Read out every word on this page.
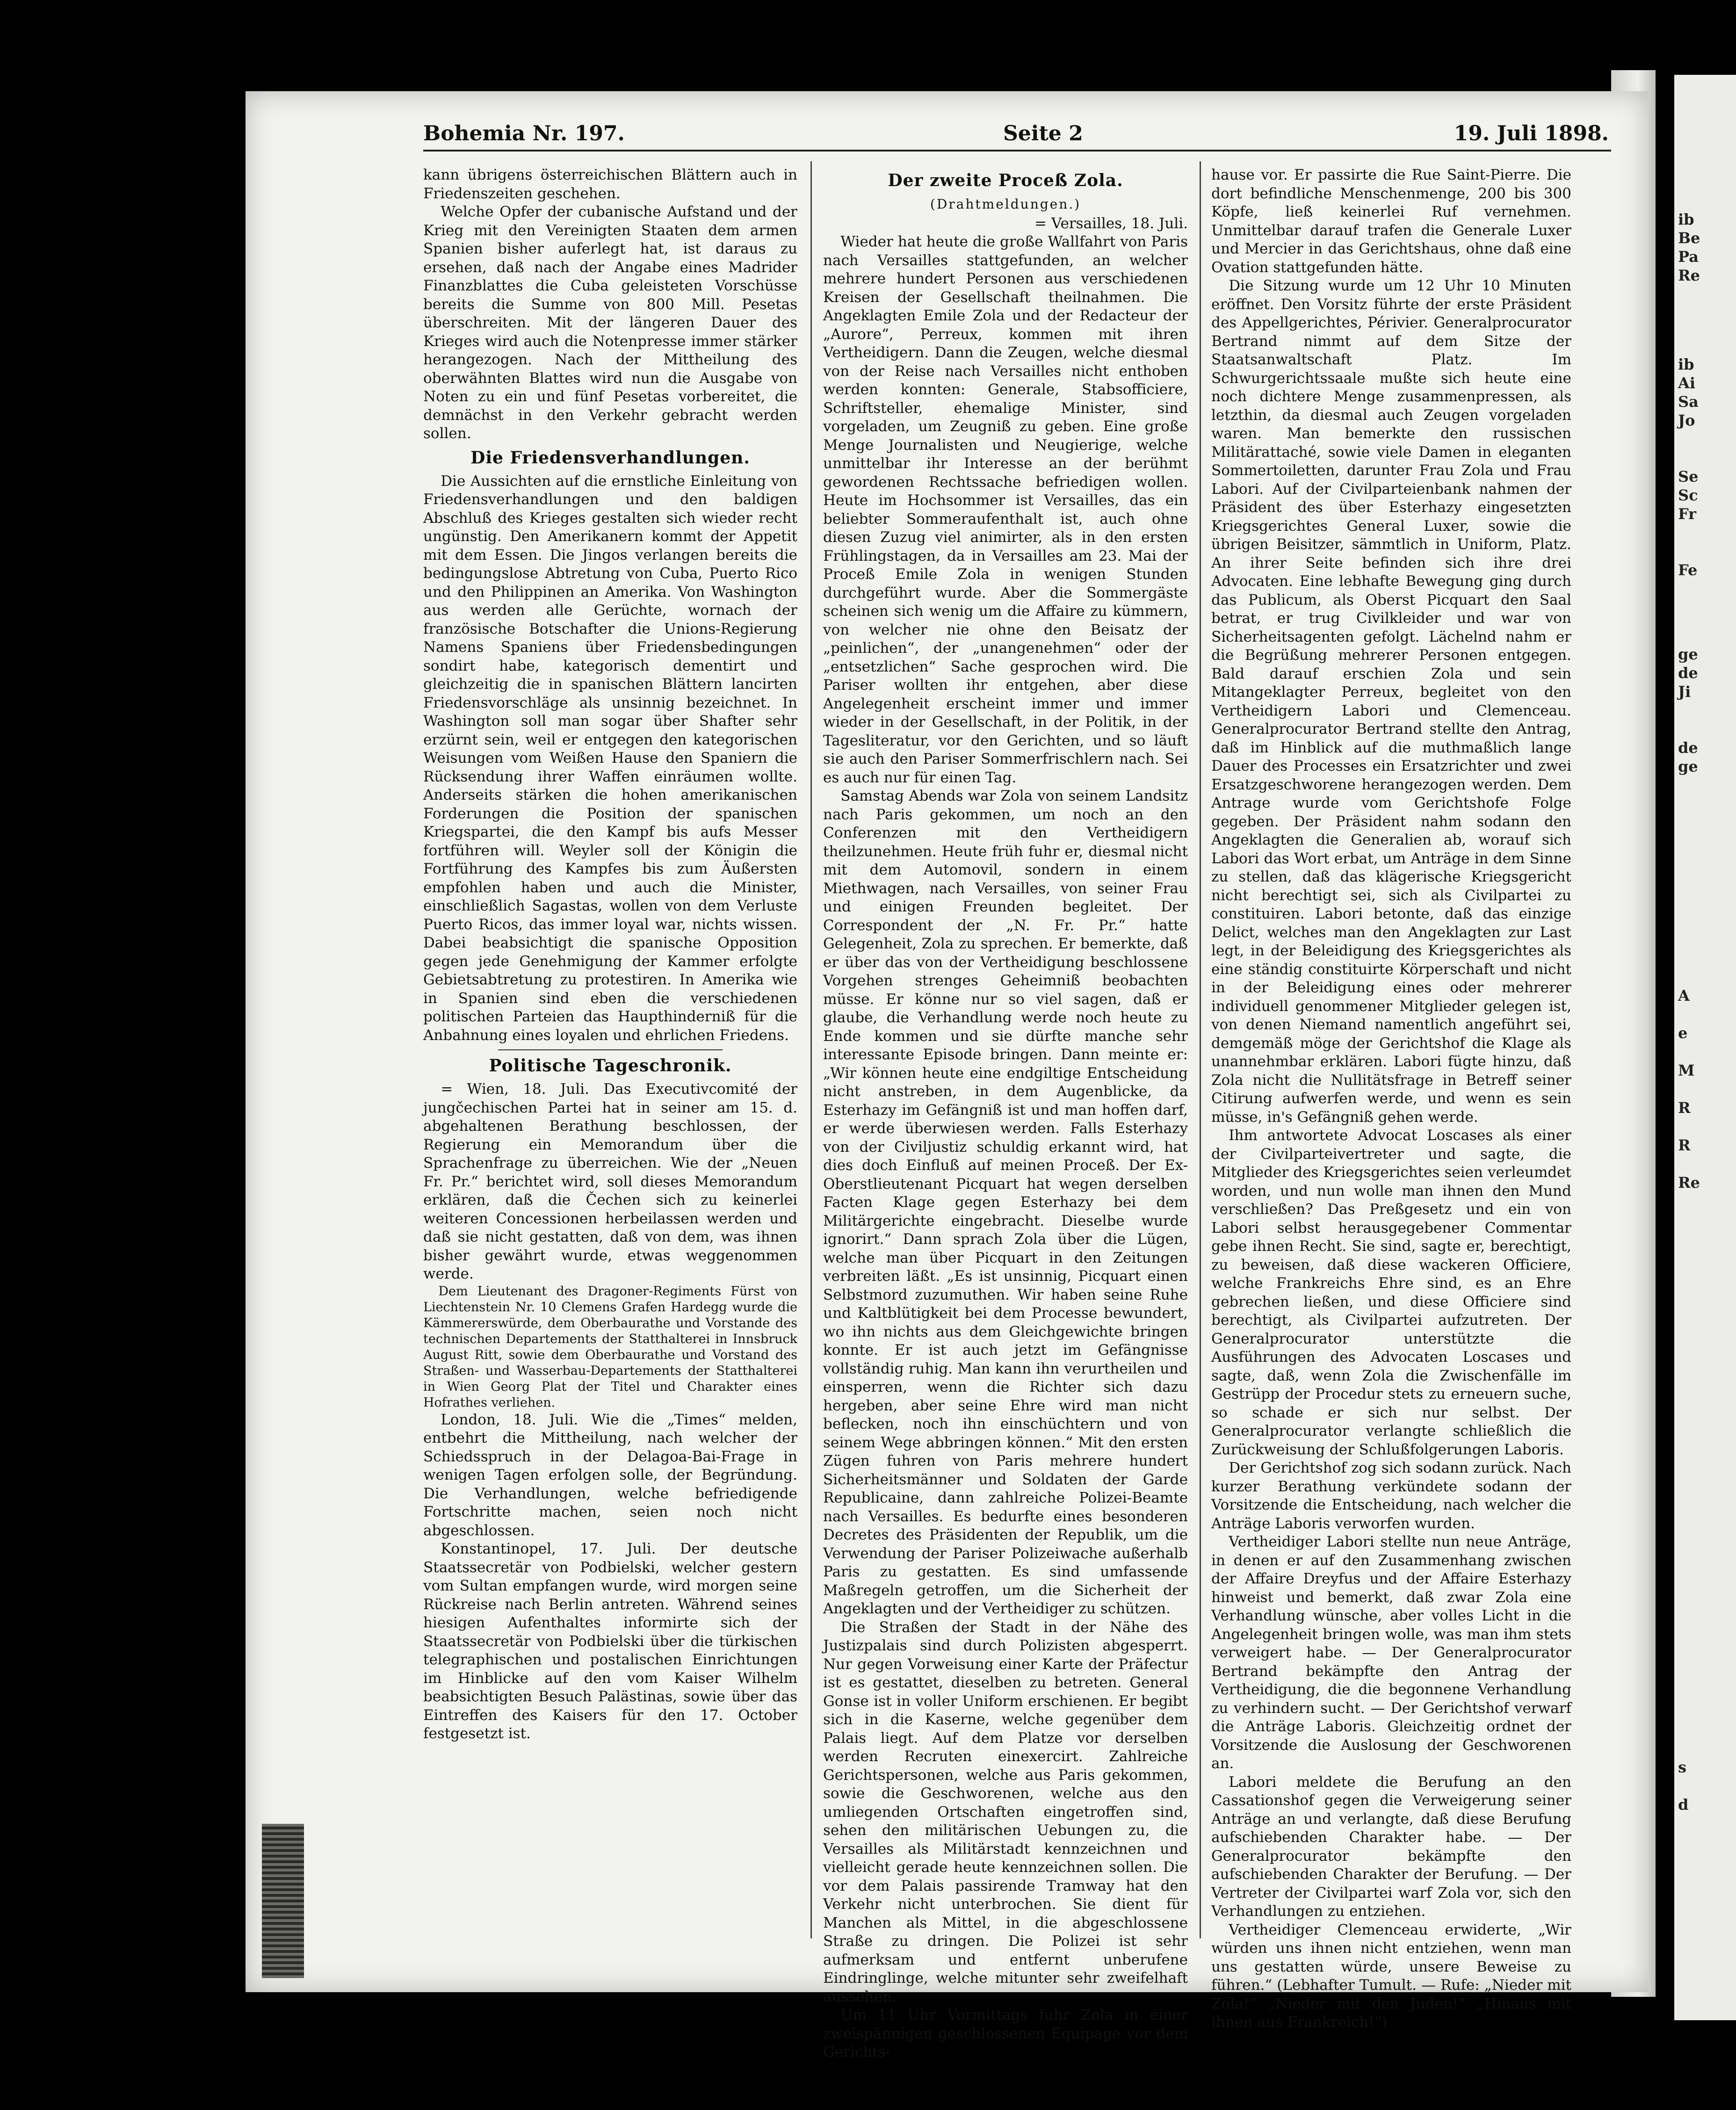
ib
Be
Pa
Re
ib
Ai
Sa
Jo
Se
Sc
Fr
Fe
ge
de
Ji
de
ge
A
e
M
R
R
Re
s
d
Bohemia Nr. 197.	Seite 2	19. Juli 1898.

kann übrigens österreichischen Blättern auch in Friedenszeiten geschehen.

Welche Opfer der cubanische Aufstand und der Krieg mit den Vereinigten Staaten dem armen Spanien bisher auferlegt hat, ist daraus zu ersehen, daß nach der Angabe eines Madrider Finanzblattes die Cuba geleisteten Vorschüsse bereits die Summe von 800 Mill. Pesetas überschreiten. Mit der längeren Dauer des Krieges wird auch die Notenpresse immer stärker herangezogen. Nach der Mittheilung des oberwähnten Blattes wird nun die Ausgabe von Noten zu ein und fünf Pesetas vorbereitet, die demnächst in den Verkehr gebracht werden sollen.

Die Friedensverhandlungen.

Die Aussichten auf die ernstliche Einleitung von Friedensverhandlungen und den baldigen Abschluß des Krieges gestalten sich wieder recht ungünstig. Den Amerikanern kommt der Appetit mit dem Essen. Die Jingos verlangen bereits die bedingungslose Abtretung von Cuba, Puerto Rico und den Philippinen an Amerika. Von Washington aus werden alle Gerüchte, wornach der französische Botschafter die Unions-Regierung Namens Spaniens über Friedensbedingungen sondirt habe, kategorisch dementirt und gleichzeitig die in spanischen Blättern lancirten Friedensvorschläge als unsinnig bezeichnet. In Washington soll man sogar über Shafter sehr erzürnt sein, weil er entgegen den kategorischen Weisungen vom Weißen Hause den Spaniern die Rücksendung ihrer Waffen einräumen wollte. Anderseits stärken die hohen amerikanischen Forderungen die Position der spanischen Kriegspartei, die den Kampf bis aufs Messer fortführen will. Weyler soll der Königin die Fortführung des Kampfes bis zum Äußersten empfohlen haben und auch die Minister, einschließlich Sagastas, wollen von dem Verluste Puerto Ricos, das immer loyal war, nichts wissen. Dabei beabsichtigt die spanische Opposition gegen jede Genehmigung der Kammer erfolgte Gebietsabtretung zu protestiren. In Amerika wie in Spanien sind eben die verschiedenen politischen Parteien das Haupthinderniß für die Anbahnung eines loyalen und ehrlichen Friedens.

Politische Tageschronik.

= Wien, 18. Juli. Das Executivcomité der jungčechischen Partei hat in seiner am 15. d. abgehaltenen Berathung beschlossen, der Regierung ein Memorandum über die Sprachenfrage zu überreichen. Wie der „Neuen Fr. Pr.“ berichtet wird, soll dieses Memorandum erklären, daß die Čechen sich zu keinerlei weiteren Concessionen herbeilassen werden und daß sie nicht gestatten, daß von dem, was ihnen bisher gewährt wurde, etwas weggenommen werde.

Dem Lieutenant des Dragoner-Regiments Fürst von Liechtenstein Nr. 10 Clemens Grafen Hardegg wurde die Kämmererswürde, dem Oberbaurathe und Vorstande des technischen Departements der Statthalterei in Innsbruck August Ritt, sowie dem Oberbaurathe und Vorstand des Straßen- und Wasserbau-Departements der Statthalterei in Wien Georg Plat der Titel und Charakter eines Hofrathes verliehen.

London, 18. Juli. Wie die „Times“ melden, entbehrt die Mittheilung, nach welcher der Schiedsspruch in der Delagoa-Bai-Frage in wenigen Tagen erfolgen solle, der Begründung. Die Verhandlungen, welche befriedigende Fortschritte machen, seien noch nicht abgeschlossen.

Konstantinopel, 17. Juli. Der deutsche Staatssecretär von Podbielski, welcher gestern vom Sultan empfangen wurde, wird morgen seine Rückreise nach Berlin antreten. Während seines hiesigen Aufenthaltes informirte sich der Staatssecretär von Podbielski über die türkischen telegraphischen und postalischen Einrichtungen im Hinblicke auf den vom Kaiser Wilhelm beabsichtigten Besuch Palästinas, sowie über das Eintreffen des Kaisers für den 17. October festgesetzt ist.

Der zweite Proceß Zola.
(Drahtmeldungen.)

= Versailles, 18. Juli.

Wieder hat heute die große Wallfahrt von Paris nach Versailles stattgefunden, an welcher mehrere hundert Personen aus verschiedenen Kreisen der Gesellschaft theilnahmen. Die Angeklagten Emile Zola und der Redacteur der „Aurore“, Perreux, kommen mit ihren Vertheidigern. Dann die Zeugen, welche diesmal von der Reise nach Versailles nicht enthoben werden konnten: Generale, Stabsofficiere, Schriftsteller, ehemalige Minister, sind vorgeladen, um Zeugniß zu geben. Eine große Menge Journalisten und Neugierige, welche unmittelbar ihr Interesse an der berühmt gewordenen Rechtssache befriedigen wollen. Heute im Hochsommer ist Versailles, das ein beliebter Sommeraufenthalt ist, auch ohne diesen Zuzug viel animirter, als in den ersten Frühlingstagen, da in Versailles am 23. Mai der Proceß Emile Zola in wenigen Stunden durchgeführt wurde. Aber die Sommergäste scheinen sich wenig um die Affaire zu kümmern, von welcher nie ohne den Beisatz der „peinlichen“, der „unangenehmen“ oder der „entsetzlichen“ Sache gesprochen wird. Die Pariser wollten ihr entgehen, aber diese Angelegenheit erscheint immer und immer wieder in der Gesellschaft, in der Politik, in der Tagesliteratur, vor den Gerichten, und so läuft sie auch den Pariser Sommerfrischlern nach. Sei es auch nur für einen Tag.

Samstag Abends war Zola von seinem Landsitz nach Paris gekommen, um noch an den Conferenzen mit den Vertheidigern theilzunehmen. Heute früh fuhr er, diesmal nicht mit dem Automovil, sondern in einem Miethwagen, nach Versailles, von seiner Frau und einigen Freunden begleitet. Der Correspondent der „N. Fr. Pr.“ hatte Gelegenheit, Zola zu sprechen. Er bemerkte, daß er über das von der Vertheidigung beschlossene Vorgehen strenges Geheimniß beobachten müsse. Er könne nur so viel sagen, daß er glaube, die Verhandlung werde noch heute zu Ende kommen und sie dürfte manche sehr interessante Episode bringen. Dann meinte er: „Wir können heute eine endgiltige Entscheidung nicht anstreben, in dem Augenblicke, da Esterhazy im Gefängniß ist und man hoffen darf, er werde überwiesen werden. Falls Esterhazy von der Civiljustiz schuldig erkannt wird, hat dies doch Einfluß auf meinen Proceß. Der Ex-Oberstlieutenant Picquart hat wegen derselben Facten Klage gegen Esterhazy bei dem Militärgerichte eingebracht. Dieselbe wurde ignorirt.“ Dann sprach Zola über die Lügen, welche man über Picquart in den Zeitungen verbreiten läßt. „Es ist unsinnig, Picquart einen Selbstmord zuzumuthen. Wir haben seine Ruhe und Kaltblütigkeit bei dem Processe bewundert, wo ihn nichts aus dem Gleichgewichte bringen konnte. Er ist auch jetzt im Gefängnisse vollständig ruhig. Man kann ihn verurtheilen und einsperren, wenn die Richter sich dazu hergeben, aber seine Ehre wird man nicht beflecken, noch ihn einschüchtern und von seinem Wege abbringen können.“ Mit den ersten Zügen fuhren von Paris mehrere hundert Sicherheitsmänner und Soldaten der Garde Republicaine, dann zahlreiche Polizei-Beamte nach Versailles. Es bedurfte eines besonderen Decretes des Präsidenten der Republik, um die Verwendung der Pariser Polizeiwache außerhalb Paris zu gestatten. Es sind umfassende Maßregeln getroffen, um die Sicherheit der Angeklagten und der Vertheidiger zu schützen.

Die Straßen der Stadt in der Nähe des Justizpalais sind durch Polizisten abgesperrt. Nur gegen Vorweisung einer Karte der Präfectur ist es gestattet, dieselben zu betreten. General Gonse ist in voller Uniform erschienen. Er begibt sich in die Kaserne, welche gegenüber dem Palais liegt. Auf dem Platze vor derselben werden Recruten einexercirt. Zahlreiche Gerichtspersonen, welche aus Paris gekommen, sowie die Geschworenen, welche aus den umliegenden Ortschaften eingetroffen sind, sehen den militärischen Uebungen zu, die Versailles als Militärstadt kennzeichnen und vielleicht gerade heute kennzeichnen sollen. Die vor dem Palais passirende Tramway hat den Verkehr nicht unterbrochen. Sie dient für Manchen als Mittel, in die abgeschlossene Straße zu dringen. Die Polizei ist sehr aufmerksam und entfernt unberufene Eindringlinge, welche mitunter sehr zweifelhaft aussehen.

Um 11 Uhr Vormittags fuhr Zola in einer zweispännigen geschlossenen Equipage vor dem Gerichts-

hause vor. Er passirte die Rue Saint-Pierre. Die dort befindliche Menschenmenge, 200 bis 300 Köpfe, ließ keinerlei Ruf vernehmen. Unmittelbar darauf trafen die Generale Luxer und Mercier in das Gerichtshaus, ohne daß eine Ovation stattgefunden hätte.

Die Sitzung wurde um 12 Uhr 10 Minuten eröffnet. Den Vorsitz führte der erste Präsident des Appellgerichtes, Périvier. Generalprocurator Bertrand nimmt auf dem Sitze der Staatsanwaltschaft Platz. Im Schwurgerichtssaale mußte sich heute eine noch dichtere Menge zusammenpressen, als letzthin, da diesmal auch Zeugen vorgeladen waren. Man bemerkte den russischen Militärattaché, sowie viele Damen in eleganten Sommertoiletten, darunter Frau Zola und Frau Labori. Auf der Civilparteienbank nahmen der Präsident des über Esterhazy eingesetzten Kriegsgerichtes General Luxer, sowie die übrigen Beisitzer, sämmtlich in Uniform, Platz. An ihrer Seite befinden sich ihre drei Advocaten. Eine lebhafte Bewegung ging durch das Publicum, als Oberst Picquart den Saal betrat, er trug Civilkleider und war von Sicherheitsagenten gefolgt. Lächelnd nahm er die Begrüßung mehrerer Personen entgegen. Bald darauf erschien Zola und sein Mitangeklagter Perreux, begleitet von den Vertheidigern Labori und Clemenceau. Generalprocurator Bertrand stellte den Antrag, daß im Hinblick auf die muthmaßlich lange Dauer des Processes ein Ersatzrichter und zwei Ersatzgeschworene herangezogen werden. Dem Antrage wurde vom Gerichtshofe Folge gegeben. Der Präsident nahm sodann den Angeklagten die Generalien ab, worauf sich Labori das Wort erbat, um Anträge in dem Sinne zu stellen, daß das klägerische Kriegsgericht nicht berechtigt sei, sich als Civilpartei zu constituiren. Labori betonte, daß das einzige Delict, welches man den Angeklagten zur Last legt, in der Beleidigung des Kriegsgerichtes als eine ständig constituirte Körperschaft und nicht in der Beleidigung eines oder mehrerer individuell genommener Mitglieder gelegen ist, von denen Niemand namentlich angeführt sei, demgemäß möge der Gerichtshof die Klage als unannehmbar erklären. Labori fügte hinzu, daß Zola nicht die Nullitätsfrage in Betreff seiner Citirung aufwerfen werde, und wenn es sein müsse, in's Gefängniß gehen werde.

Ihm antwortete Advocat Loscases als einer der Civilparteivertreter und sagte, die Mitglieder des Kriegsgerichtes seien verleumdet worden, und nun wolle man ihnen den Mund verschließen? Das Preßgesetz und ein von Labori selbst herausgegebener Commentar gebe ihnen Recht. Sie sind, sagte er, berechtigt, zu beweisen, daß diese wackeren Officiere, welche Frankreichs Ehre sind, es an Ehre gebrechen ließen, und diese Officiere sind berechtigt, als Civilpartei aufzutreten. Der Generalprocurator unterstützte die Ausführungen des Advocaten Loscases und sagte, daß, wenn Zola die Zwischenfälle im Gestrüpp der Procedur stets zu erneuern suche, so schade er sich nur selbst. Der Generalprocurator verlangte schließlich die Zurückweisung der Schlußfolgerungen Laboris.

Der Gerichtshof zog sich sodann zurück. Nach kurzer Berathung verkündete sodann der Vorsitzende die Entscheidung, nach welcher die Anträge Laboris verworfen wurden.

Vertheidiger Labori stellte nun neue Anträge, in denen er auf den Zusammenhang zwischen der Affaire Dreyfus und der Affaire Esterhazy hinweist und bemerkt, daß zwar Zola eine Verhandlung wünsche, aber volles Licht in die Angelegenheit bringen wolle, was man ihm stets verweigert habe. — Der Generalprocurator Bertrand bekämpfte den Antrag der Vertheidigung, die die begonnene Verhandlung zu verhindern sucht. — Der Gerichtshof verwarf die Anträge Laboris. Gleichzeitig ordnet der Vorsitzende die Auslosung der Geschworenen an.

Labori meldete die Berufung an den Cassationshof gegen die Verweigerung seiner Anträge an und verlangte, daß diese Berufung aufschiebenden Charakter habe. — Der Generalprocurator bekämpfte den aufschiebenden Charakter der Berufung. — Der Vertreter der Civilpartei warf Zola vor, sich den Verhandlungen zu entziehen.

Vertheidiger Clemenceau erwiderte, „Wir würden uns ihnen nicht entziehen, wenn man uns gestatten würde, unsere Beweise zu führen.“ (Lebhafter Tumult. — Rufe: „Nieder mit Zola!“ „Nieder mit den Juden!“ „Hinaus mit ihnen aus Frankreich!“)
